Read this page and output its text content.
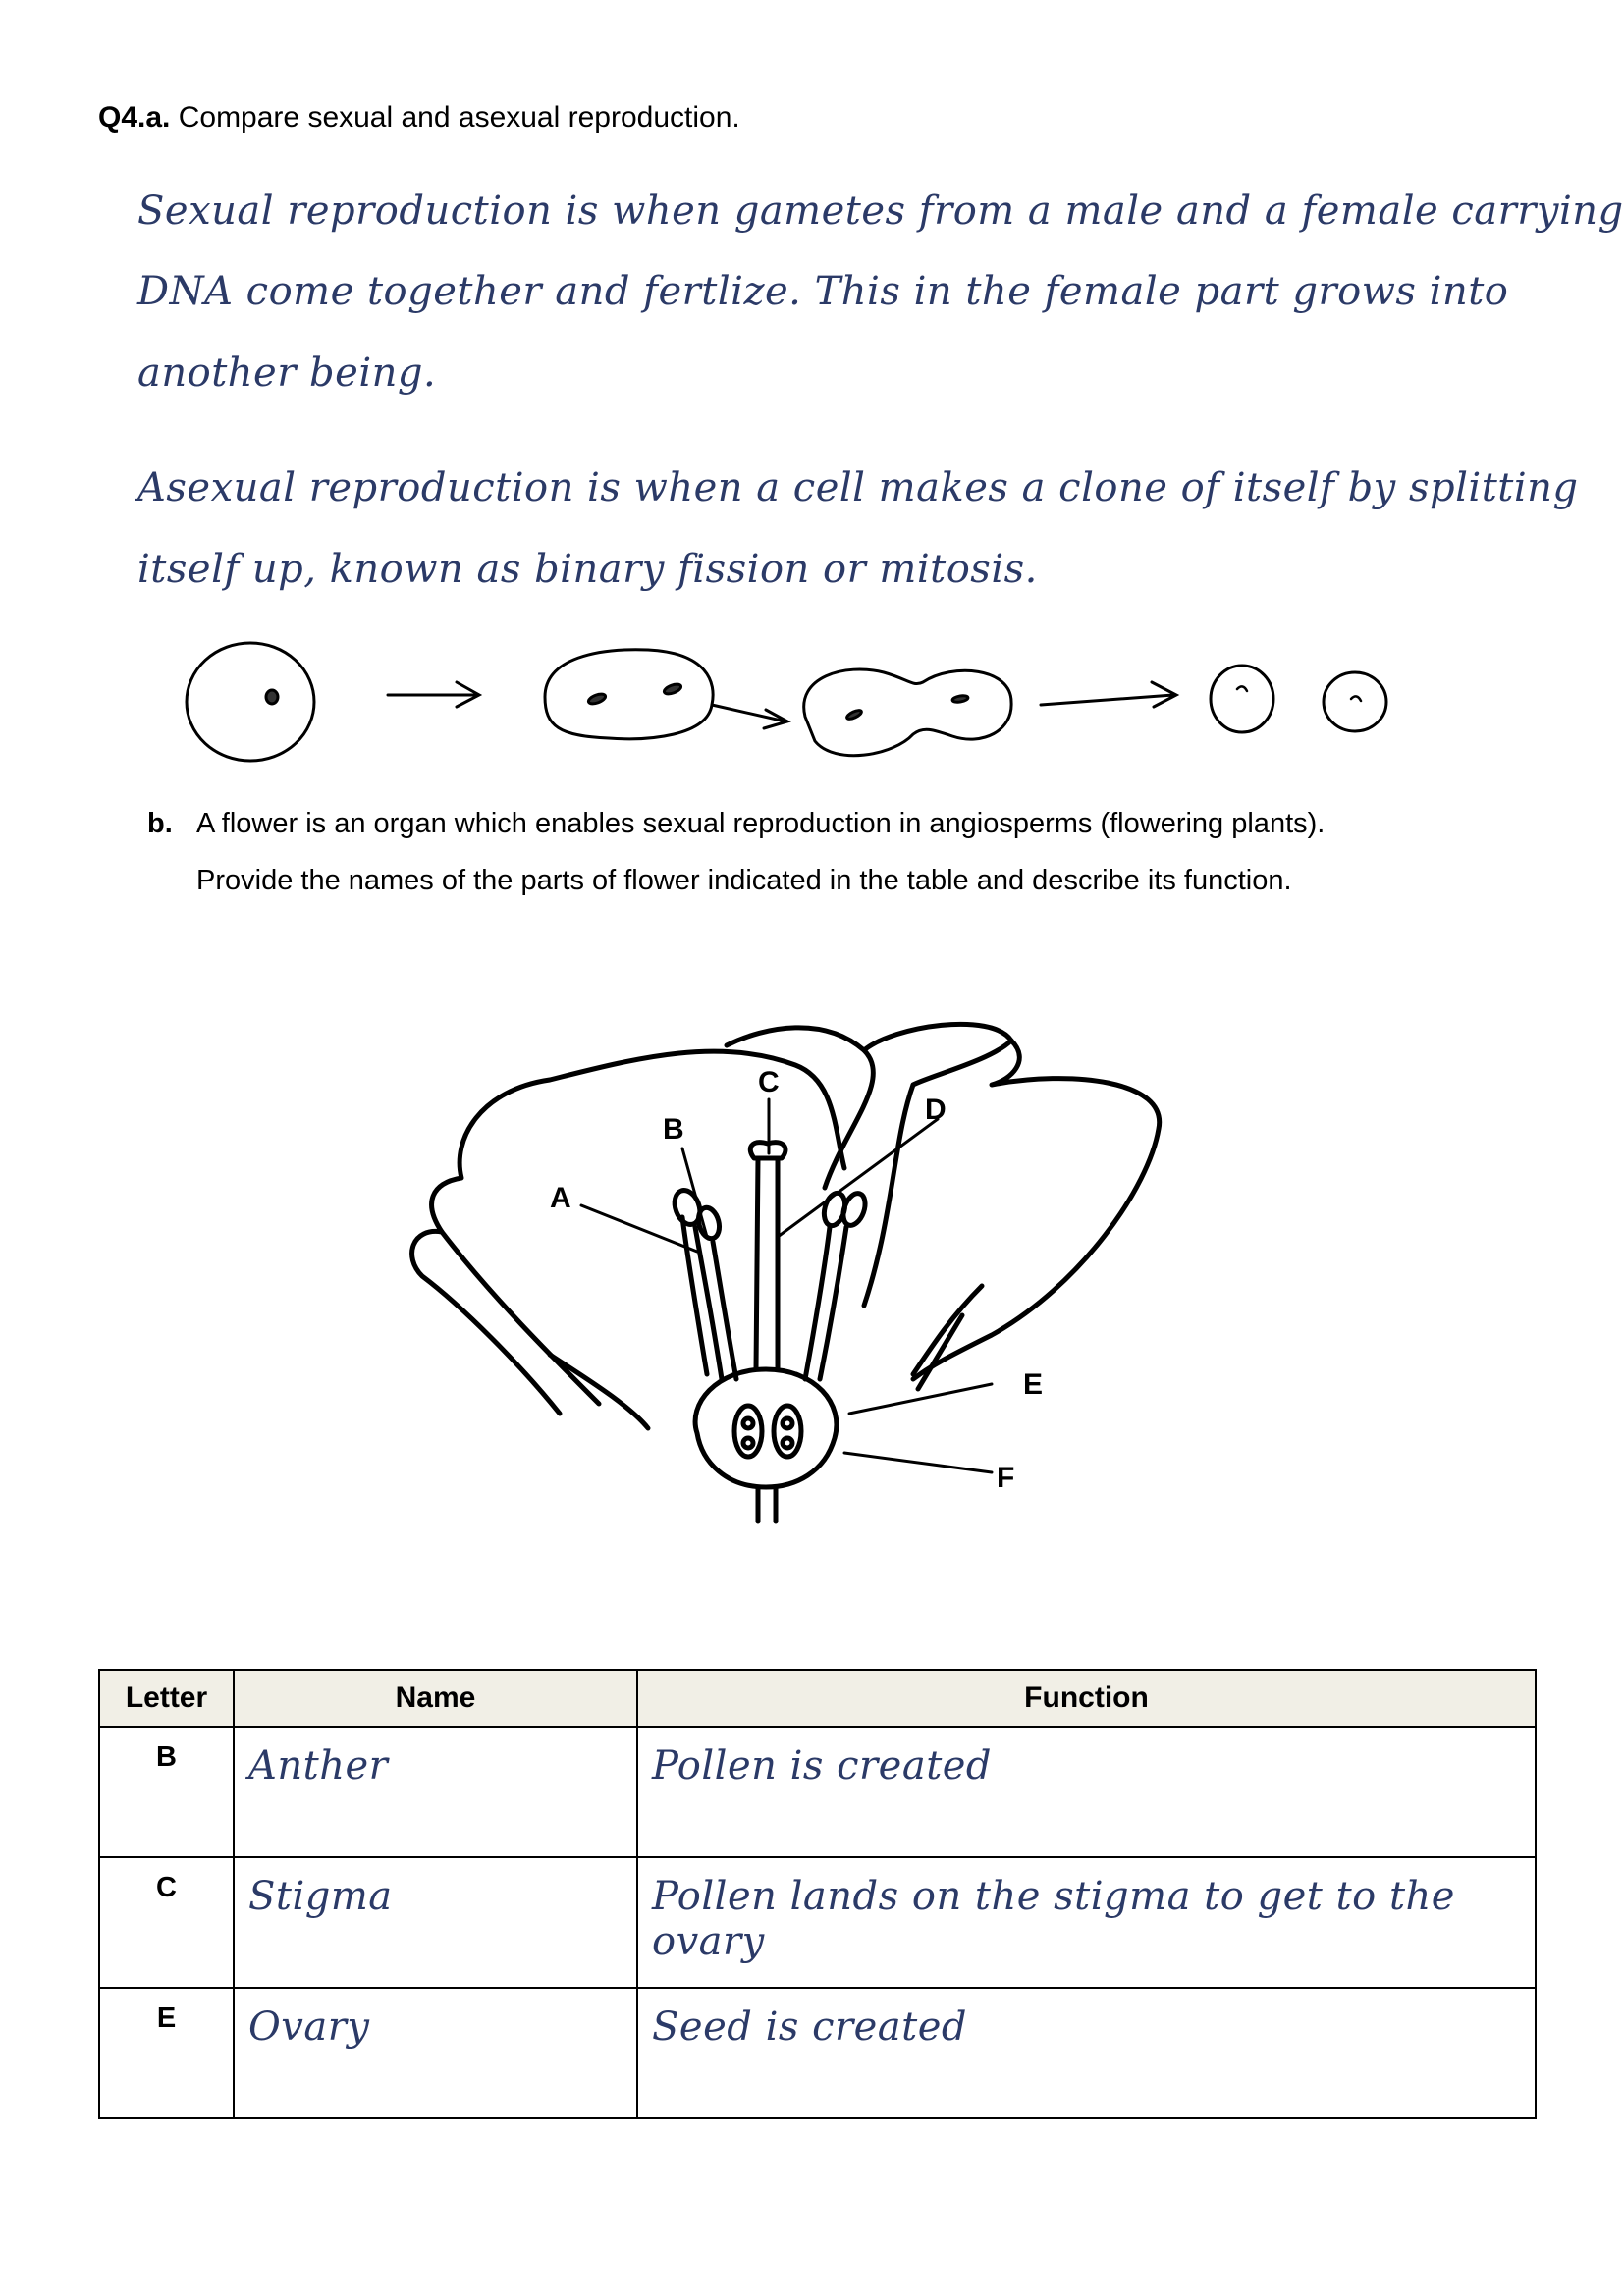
Q4.a. Compare sexual and asexual reproduction.
Sexual reproduction is when gametes from a male and a female carrying
DNA come together and fertlize. This in the female part grows into
another being.
Asexual reproduction is when a cell makes a clone of itself by splitting
itself up, known as binary fission or mitosis.
b. A flower is an organ which enables sexual reproduction in angiosperms (flowering plants).
Provide the names of the parts of flower indicated in the table and describe its function.
A
B
C
D
E
F
Letter	Name	Function
B	Anther	Pollen is created
C	Stigma	Pollen lands on the stigma to get to the ovary
E	Ovary	Seed is created
